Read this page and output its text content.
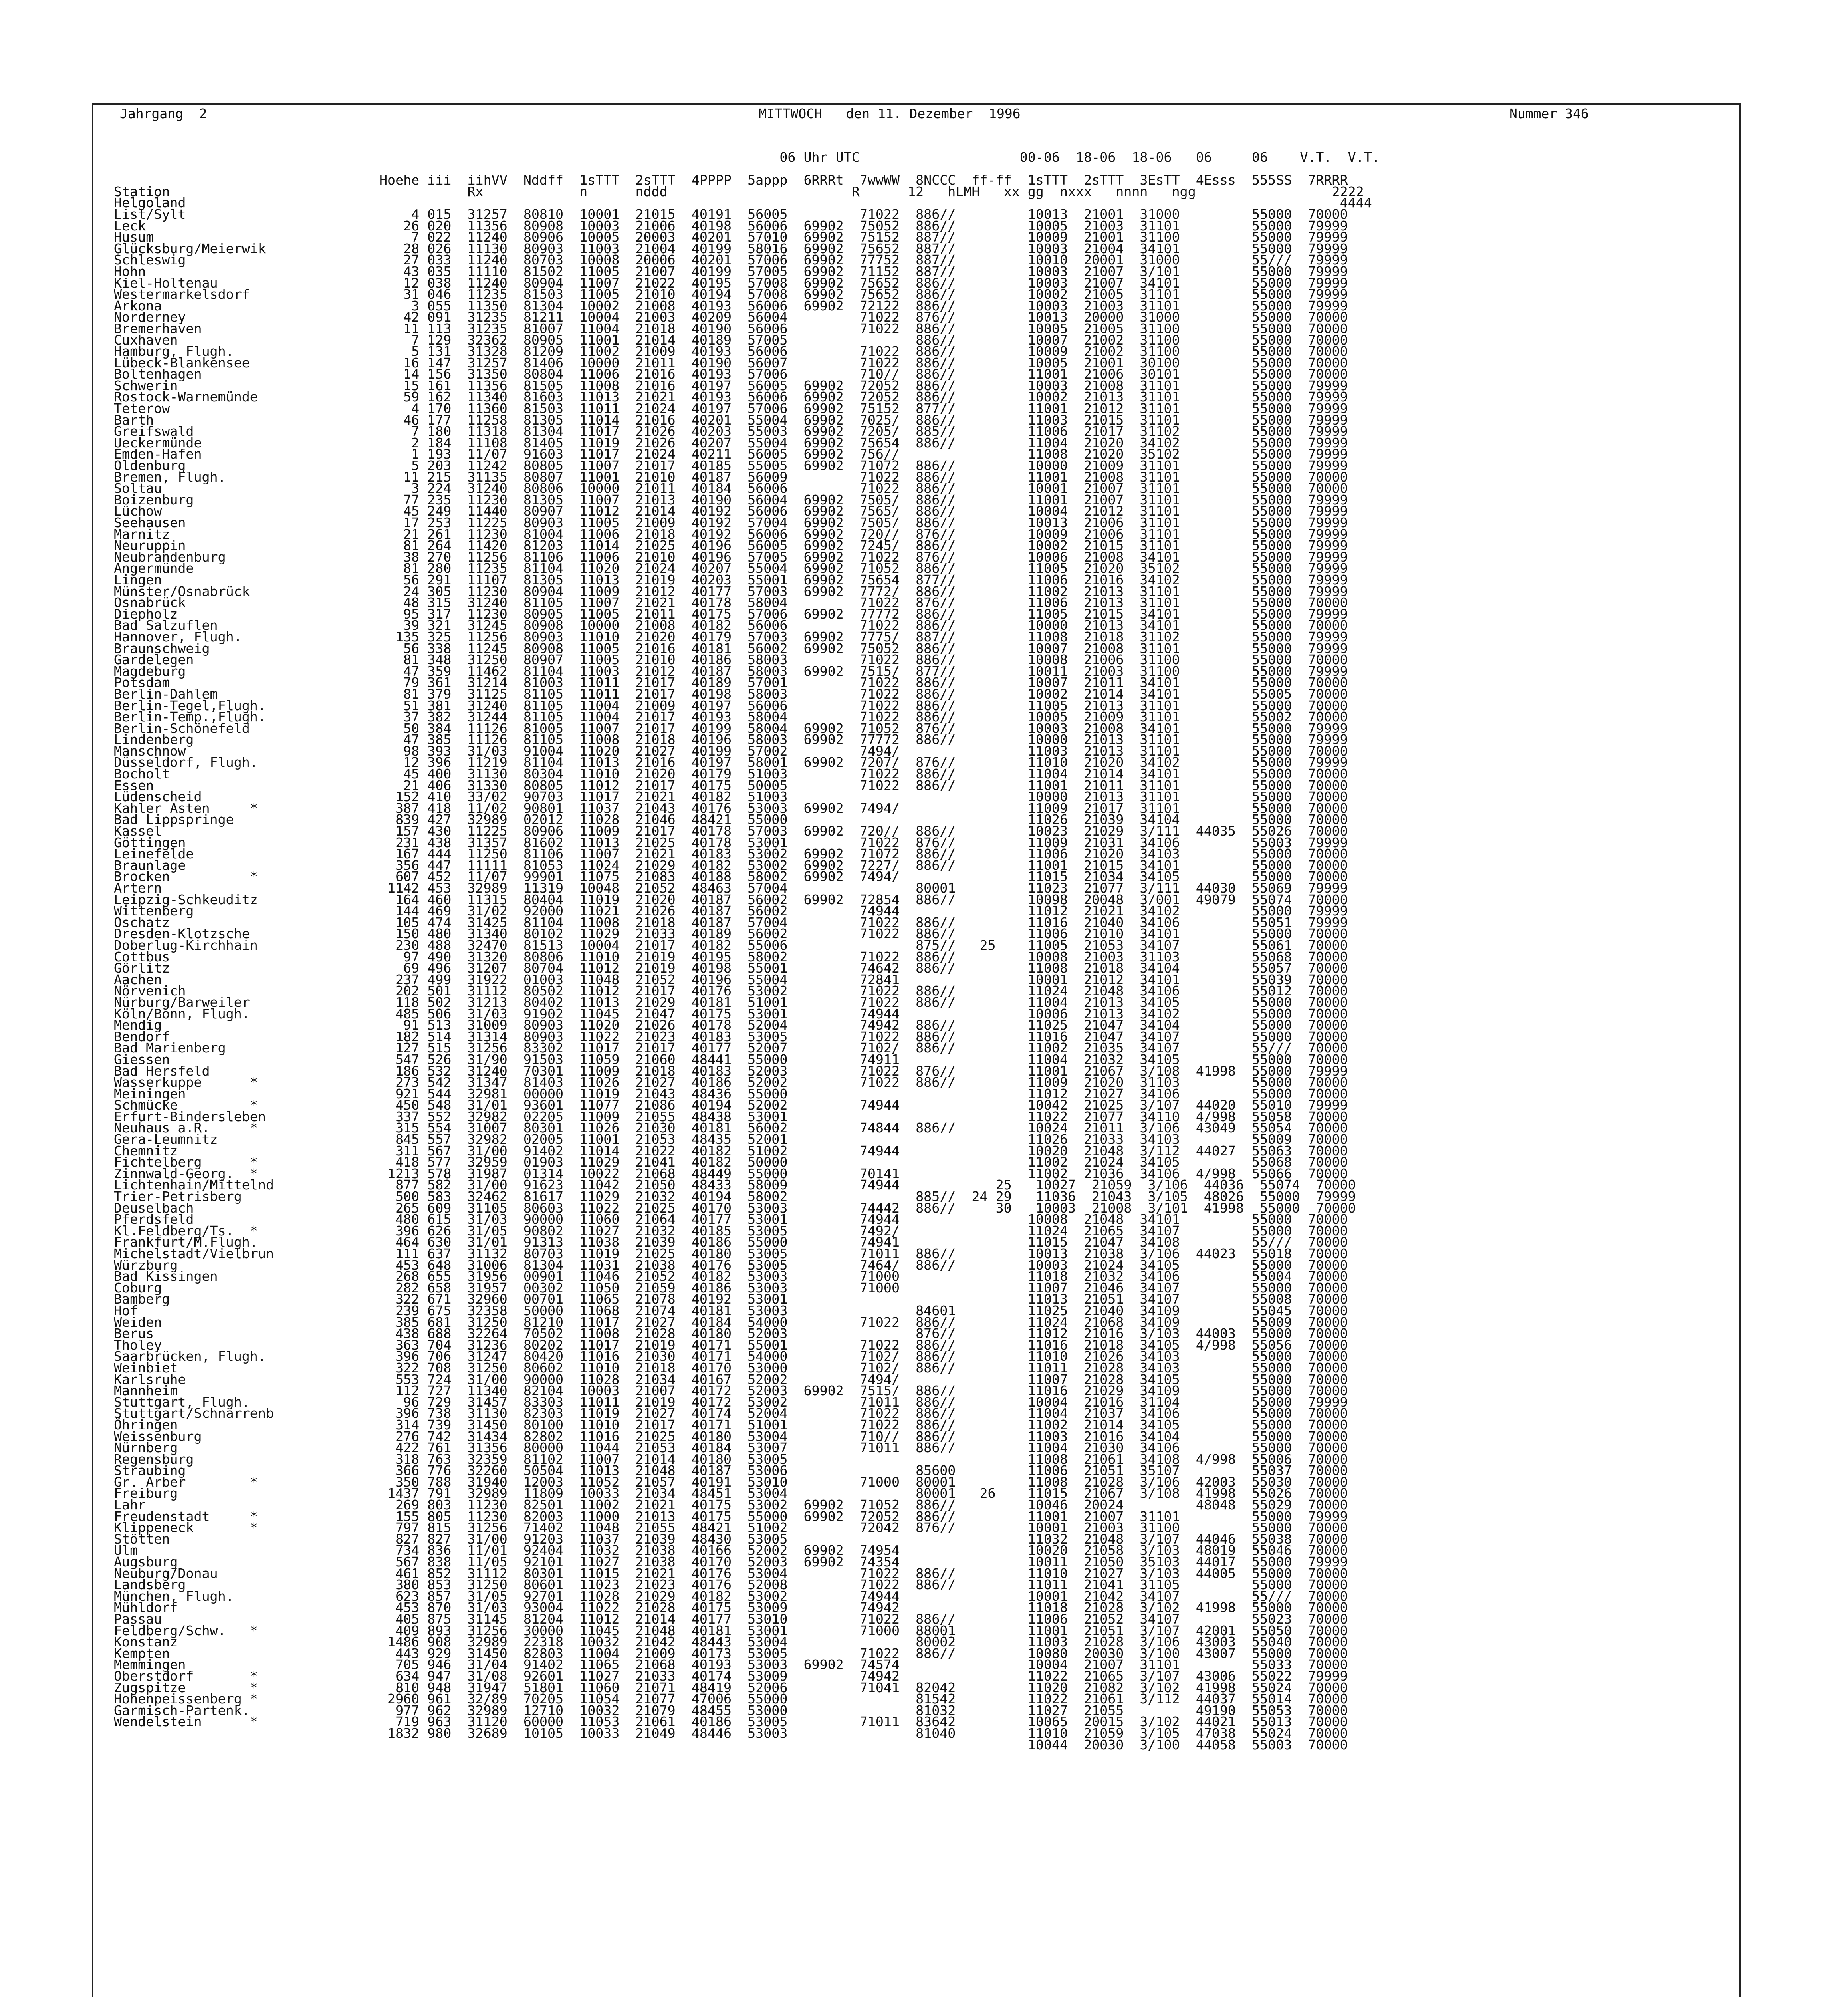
Jahrgang  2	MITTWOCH   den 11. Dezember  1996	Nummer 346

Station
Helgoland
List/Sylt
Leck
Husum
Glücksburg/Meierwik
Schleswig
Hohn
Kiel-Holtenau
Westermarkelsdorf
Arkona
Norderney
Bremerhaven
Cuxhaven
Hamburg, Flugh.
Lübeck-Blankensee
Boltenhagen
Schwerin
Rostock-Warnemünde
Teterow
Barth
Greifswald
Ueckermünde
Emden-Hafen
Oldenburg
Bremen, Flugh.
Soltau
Boizenburg
Lüchow
Seehausen
Marnitz
Neuruppin
Neubrandenburg
Angermünde
Lingen
Münster/Osnabrück
Osnabrück
Diepholz
Bad Salzuflen
Hannover, Flugh.
Braunschweig
Gardelegen
Magdeburg
Potsdam
Berlin-Dahlem
Berlin-Tegel,Flugh.
Berlin-Temp.,Flugh.
Berlin-Schönefeld
Lindenberg
Manschnow
Düsseldorf, Flugh.
Bocholt
Essen
Lüdenscheid
Kahler Asten     *
Bad Lippspringe
Kassel
Göttingen
Leinefelde
Braunlage
Brocken          *
Artern
Leipzig-Schkeuditz
Wittenberg
Oschatz
Dresden-Klotzsche
Doberlug-Kirchhain
Cottbus
Görlitz
Aachen
Nörvenich
Nürburg/Barweiler
Köln/Bonn, Flugh.
Mendig
Bendorf
Bad Marienberg
Giessen
Bad Hersfeld
Wasserkuppe      *
Meiningen
Schmücke         *
Erfurt-Bindersleben
Neuhaus a.R.     *
Gera-Leumnitz
Chemnitz
Fichtelberg      *
Zinnwald-Georg.  *
Lichtenhain/Mittelnd
Trier-Petrisberg
Deuselbach
Pferdsfeld
Kl.Feldberg/Ts.  *
Frankfurt/M.Flugh.
Michelstadt/Vielbrun
Würzburg
Bad Kissingen
Coburg
Bamberg
Hof
Weiden
Berus
Tholey
Saarbrücken, Flugh.
Weinbiet
Karlsruhe
Mannheim
Stuttgart, Flugh.
Stuttgart/Schnarrenb
Öhringen
Weissenburg
Nürnberg
Regensburg
Straubing
Gr. Arber        *
Freiburg
Lahr
Freudenstadt     *
Klippeneck       *
Stötten
Ulm
Augsburg
Neuburg/Donau
Landsberg
München, Flugh.
Mühldorf
Passau
Feldberg/Schw.   *
Konstanz
Kempten
Memmingen
Oberstdorf       *
Zugspitze        *
Hohenpeissenberg *
Garmisch-Partenk.
Wendelstein      *
06 Uhr UTC                    00-06  18-06  18-06   06     06    V.T.  V.T.

Hoehe iii  iihVV  Nddff  1sTTT  2sTTT  4PPPP  5appp  6RRRt  7wwWW  8NCCC  ff-ff  1sTTT  2sTTT  3EsTT  4Esss  555SS  7RRRR
Rx            n      nddd                       R      12   hLMH   xx gg  nxxx   nnnn   ngg                 2222
4444
4 015  31257  80810  10001  21015  40191  56005         71022  886//         10013  21001  31000         55000  70000
26 020  11356  80908  10003  21006  40198  56006  69902  75052  886//         10005  21003  31101         55000  79999
7 022  11240  80906  10005  20003  40201  57010  69902  75152  887//         10009  21001  31100         55000  79999
28 026  11130  80903  11003  21004  40199  58016  69902  75652  887//         10003  21004  34101         55000  79999
27 033  11240  80703  10008  20006  40201  57006  69902  77752  887//         10010  20001  31000         55///  79999
43 035  11110  81502  11005  21007  40199  57005  69902  71152  887//         10003  21007  3/101         55000  79999
12 038  11240  80904  11007  21022  40195  57008  69902  75652  886//         10003  21007  34101         55000  79999
31 046  11235  81503  11005  21010  40194  57008  69902  75652  886//         10002  21005  31101         55000  79999
3 055  11350  81304  10002  21008  40193  56006  69902  72122  886//         10003  21003  31101         55000  79999
42 091  31235  81211  10004  21003  40209  56004         71022  876//         10013  20000  31000         55000  70000
11 113  31235  81007  11004  21018  40190  56006         71022  886//         10005  21005  31100         55000  70000
7 129  32362  80905  11001  21014  40189  57005                886//         10007  21002  31100         55000  70000
5 131  31328  81209  11002  21009  40193  56006         71022  886//         10009  21002  31100         55000  70000
16 147  31257  81406  10000  21011  40190  56007         71022  886//         10005  21001  30100         55000  70000
14 156  31350  80804  11006  21016  40193  57006         710//  886//         11001  21006  30101         55000  70000
15 161  11356  81505  11008  21016  40197  56005  69902  72052  886//         10003  21008  31101         55000  79999
59 162  11340  81603  11013  21021  40193  56006  69902  72052  886//         10002  21013  31101         55000  79999
4 170  11360  81503  11011  21024  40197  57006  69902  75152  877//         11001  21012  31101         55000  79999
46 177  11258  81305  11014  21016  40201  55004  69902  7025/  886//         11003  21015  31101         55000  79999
7 180  11318  81304  11017  21026  40203  55003  69902  7205/  885//         11006  21017  31102         55000  79999
2 184  11108  81405  11019  21026  40207  55004  69902  75654  886//         11004  21020  34102         55000  79999
1 193  11/07  91603  11017  21024  40211  56005  69902  756//                11008  21020  35102         55000  79999
5 203  11242  80805  11007  21017  40185  55005  69902  71072  886//         10000  21009  31101         55000  79999
11 215  31135  80807  11001  21010  40187  56009         71022  886//         11001  21008  31101         55000  70000
3 224  31240  80806  10000  21011  40184  56006         71022  886//         10001  21007  31101         55000  70000
77 235  11230  81305  11007  21013  40190  56004  69902  7505/  886//         11001  21007  31101         55000  79999
45 249  11440  80907  11012  21014  40192  56006  69902  7565/  886//         10004  21012  31101         55000  79999
17 253  11225  80903  11005  21009  40192  57004  69902  7505/  886//         10013  21006  31101         55000  79999
21 261  11230  81004  11006  21018  40192  56006  69902  720//  876//         10009  21006  31101         55000  79999
81 264  11420  81203  11014  21025  40196  56005  69902  7245/  886//         10002  21015  31101         55000  79999
38 270  11256  81106  11006  21010  40196  57005  69902  71022  876//         10006  21008  34101         55000  79999
81 280  11235  81104  11020  21024  40207  55004  69902  71052  886//         11005  21020  35102         55000  79999
56 291  11107  81305  11013  21019  40203  55001  69902  75654  877//         11006  21016  34102         55000  79999
24 305  11230  80904  11009  21012  40177  57003  69902  7772/  886//         11002  21013  31101         55000  79999
48 315  31240  81105  11007  21021  40178  58004         71022  876//         11006  21013  31101         55000  70000
95 317  11230  80905  11005  21011  40175  57006  69902  77772  886//         11005  21015  34101         55000  79999
39 321  31245  80908  10000  21008  40182  56006         71022  886//         10000  21013  34101         55000  70000
135 325  11256  80903  11010  21020  40179  57003  69902  7775/  887//         11008  21018  31102         55000  79999
56 338  11245  80908  11005  21016  40181  56002  69902  75052  886//         10007  21008  31101         55000  79999
81 348  31250  80907  11005  21010  40186  58003         71022  886//         10008  21006  31100         55000  70000
47 359  11462  81104  11003  21012  40187  58003  69902  7515/  877//         10011  21003  31100         55000  79999
79 361  31214  81003  11011  21017  40189  57001         71022  886//         10007  21011  34101         55000  70000
81 379  31125  81105  11011  21017  40198  58003         71022  886//         10002  21014  34101         55005  70000
51 381  31240  81105  11004  21009  40197  56006         71022  886//         11005  21013  31101         55000  70000
37 382  31244  81105  11004  21017  40193  58004         71022  886//         10005  21009  31101         55002  70000
50 384  11126  81005  11007  21017  40199  58004  69902  71052  876//         10003  21008  34101         55000  79999
47 385  11126  81105  11008  21018  40196  58003  69902  77772  886//         10000  21013  31101         55000  79999
98 393  31/03  91004  11020  21027  40199  57002         7494/                11003  21013  31101         55000  70000
12 396  11219  81104  11013  21016  40197  58001  69902  7207/  876//         11010  21020  34102         55000  79999
45 400  31130  80304  11010  21020  40179  51003         71022  886//         11004  21014  34101         55000  70000
21 406  31330  80805  11012  21017  40175  50005         71022  886//         11001  21011  31101         55000  70000
152 410  33/02  90703  11017  21021  40182  51003                              10000  21013  31101         55000  70000
387 418  11/02  90801  11037  21043  40176  53003  69902  7494/                11009  21017  31101         55000  70000
839 427  32989  02012  11028  21046  48421  55000                              11026  21039  34104         55000  70000
157 430  11225  80906  11009  21017  40178  57003  69902  720//  886//         10023  21029  3/111  44035  55026  70000
231 438  31357  81602  11013  21025  40178  53001         71022  876//         11009  21031  34106         55003  79999
167 444  11250  81106  11007  21021  40183  53002  69902  71072  886//         11006  21020  34103         55000  70000
356 447  11111  81053  11024  21029  40182  53002  69902  7227/  886//         11001  21015  34101         55000  70000
607 452  11/07  99901  11075  21083  40188  58002  69902  7494/                11015  21034  34105         55000  70000
1142 453  32989  11319  10048  21052  48463  57004                80001         11023  21077  3/111  44030  55069  79999
164 460  11315  80404  11019  21020  40187  56002  69902  72854  886//         10098  20048  3/001  49079  55074  70000
144 469  31/02  92000  11021  21026  40187  56002         74944                11012  21021  34102         55000  79999
105 474  31425  81104  11008  21018  40187  57004         71022  886//         11016  21040  34106         55051  79999
150 480  31340  80102  11029  21033  40189  56002         71022  886//         11006  21010  34101         55000  70000
230 488  32470  81513  10004  21017  40182  55006                875//   25    11005  21053  34107         55061  70000
97 490  31320  80806  11010  21019  40195  58002         71022  886//         10008  21003  31103         55068  70000
69 496  31207  80704  11012  21019  40198  55001         74642  886//         11008  21018  34104         55057  70000
237 499  31922  01003  11048  21052  40196  55004         72841                10001  21012  34101         55039  70000
202 501  31112  80502  11012  21017  40176  53002         71022  886//         11024  21048  34106         55012  70000
118 502  31213  80402  11013  21029  40181  51001         71022  886//         11004  21013  34105         55000  70000
485 506  31/03  91902  11045  21047  40175  53001         74944                10006  21013  34102         55000  70000
91 513  31009  80903  11020  21026  40178  52004         74942  886//         11025  21047  34104         55000  70000
182 514  31314  80903  11022  21023  40183  53005         71022  886//         11016  21047  34107         55000  70000
127 515  31256  83302  11017  21017  40177  52007         7102/  886//         11002  21035  34107         55///  70000
547 526  31/90  91503  11059  21060  48441  55000         74911                11004  21032  34105         55000  70000
186 532  31240  70301  11009  21018  40183  52003         71022  876//         11001  21067  3/108  41998  55000  79999
273 542  31347  81403  11026  21027  40186  52002         71022  886//         11009  21020  31103         55000  70000
921 544  32981  00000  11019  21043  48436  55000                              11012  21027  34106         55000  70000
450 548  31/01  93601  11077  21086  40194  52002         74944                10042  21025  3/107  44020  55010  79999
337 552  32982  02205  11009  21055  48438  53001                              11022  21077  34110  4/998  55058  70000
315 554  31007  80301  11026  21030  40181  56002         74844  886//         10024  21011  3/106  43049  55054  70000
845 557  32982  02005  11001  21053  48435  52001                              11026  21033  34103         55009  70000
311 567  31/00  91402  11014  21022  40182  51002         74944                10020  21048  3/112  44027  55063  70000
418 577  32959  01903  11029  21041  40182  50000                              11002  21024  34105         55068  70000
1213 578  31987  01314  10022  21068  48449  55000         70141                11002  21036  34106  4/998  55066  70000
877 582  31/00  91623  11042  21050  48433  58009         74944            25   10027  21059  3/106  44036  55074  70000
500 583  32462  81617  11029  21032  40194  58002                885//  24 29   11036  21043  3/105  48026  55000  79999
265 609  31105  80603  11022  21025  40170  53003         74442  886//     30   10003  21008  3/101  41998  55000  70000
480 615  31/03  90000  11060  21064  40177  53001         74944                10008  21048  34101         55000  70000
396 626  31/05  90802  11027  21032  40185  53005         7492/                11024  21065  34107         55000  70000
464 630  31/01  91313  11038  21039  40186  55000         74941                11015  21047  34108         55///  70000
111 637  31132  80703  11019  21025  40180  53005         71011  886//         10013  21038  3/106  44023  55018  70000
453 648  31006  81304  11031  21038  40176  53005         7464/  886//         10003  21024  34105         55000  70000
268 655  31956  00901  11046  21052  40182  53003         71000                11018  21032  34106         55004  70000
282 658  31957  00302  11050  21059  40186  53003         71000                11007  21046  34107         55000  70000
322 671  32960  00701  11065  21078  40192  53001                              11013  21051  34107         55008  70000
239 675  32358  50000  11068  21074  40181  53003                84601         11025  21040  34109         55045  70000
385 681  31250  81210  11017  21027  40184  54000         71022  886//         11024  21068  34109         55009  70000
438 688  32264  70502  11008  21028  40180  52003                876//         11012  21016  3/103  44003  55000  70000
363 704  31236  80202  11017  21019  40171  55001         71022  886//         11016  21018  34105  4/998  55056  70000
396 706  31247  80420  11016  21030  40171  54000         7102/  886//         11010  21026  34103         55000  70000
322 708  31250  80602  11010  21018  40170  53000         7102/  886//         11011  21028  34103         55000  70000
553 724  31/00  90000  11028  21034  40167  52002         7494/                11007  21028  34105         55000  70000
112 727  11340  82104  10003  21007  40172  52003  69902  7515/  886//         11016  21029  34109         55000  70000
96 729  31457  83303  11011  21019  40172  53002         71011  886//         10004  21016  31104         55000  79999
396 738  31130  82303  11019  21027  40174  52004         71022  886//         11004  21037  34106         55000  70000
314 739  31450  80100  11010  21017  40171  51001         71022  886//         11002  21014  34105         55000  70000
276 742  31434  82802  11016  21025  40180  53004         710//  886//         11003  21016  34104         55000  70000
422 761  31356  80000  11044  21053  40184  53007         71011  886//         11004  21030  34106         55000  70000
318 763  32359  81102  11007  21014  40180  53005                              11008  21061  34108  4/998  55006  70000
366 776  32260  50504  11013  21048  40187  53006                85600         11006  21051  35107         55037  70000
350 788  31940  12003  11052  21057  40191  53010         71000  80001         11008  21028  3/106  42003  55030  70000
1437 791  32989  11809  10033  21034  48451  53004                80001   26    11015  21067  3/108  41998  55026  70000
269 803  11230  82501  11002  21021  40175  53002  69902  71052  886//         10046  20024         48048  55029  70000
155 805  11230  82003  11000  21013  40175  55000  69902  72052  886//         11001  21007  31101         55000  79999
797 815  31256  71402  11048  21055  48421  51002         72042  876//         10001  21003  31100         55000  70000
827 827  31/00  91203  11037  21039  48430  53005                              11032  21048  3/107  44046  55038  70000
734 836  11/01  92404  11032  21038  40166  52002  69902  74954                10020  21058  3/103  48019  55046  70000
567 838  11/05  92101  11027  21038  40170  52003  69902  74354                10011  21050  35103  44017  55000  79999
461 852  31112  80301  11015  21021  40176  53004         71022  886//         11010  21027  3/103  44005  55000  70000
380 853  31250  80601  11023  21023  40176  52008         71022  886//         11011  21041  31105         55000  70000
623 857  31/05  92701  11028  21029  40182  53002         74944                10001  21042  34107         55///  70000
453 870  31/03  93004  11022  21028  40175  53009         74942                11018  21028  3/102  41998  55000  70000
405 875  31145  81204  11012  21014  40177  53010         71022  886//         11006  21052  34107         55023  70000
409 893  31256  30000  11045  21048  40181  53001         71000  88001         11001  21051  3/107  42001  55050  70000
1486 908  32989  22318  10032  21042  48443  53004                80002         11003  21028  3/106  43003  55040  70000
443 929  31450  82803  11004  21009  40173  53005         71022  886//         10080  20030  3/100  43007  55000  70000
705 946  31/04  91402  11065  21068  40193  53003  69902  74574                10004  21007  31101         55033  70000
634 947  31/08  92601  11027  21033  40174  53009         74942                11022  21065  3/107  43006  55022  79999
810 948  31947  51801  11060  21071  48419  52006         71041  82042         11020  21082  3/102  41998  55024  70000
2960 961  32/89  70205  11054  21077  47006  55000                81542         11022  21061  3/112  44037  55014  70000
977 962  32989  12710  10032  21079  48455  53000                81032         11027  21055         49190  55053  70000
719 963  31120  60000  11053  21061  40186  53005         71011  83642         10065  20015  3/102  44021  55013  70000
1832 980  32689  10105  10033  21049  48446  53003                81040         11010  21059  3/105  47038  55024  70000
10044  20030  3/100  44058  55003  70000
